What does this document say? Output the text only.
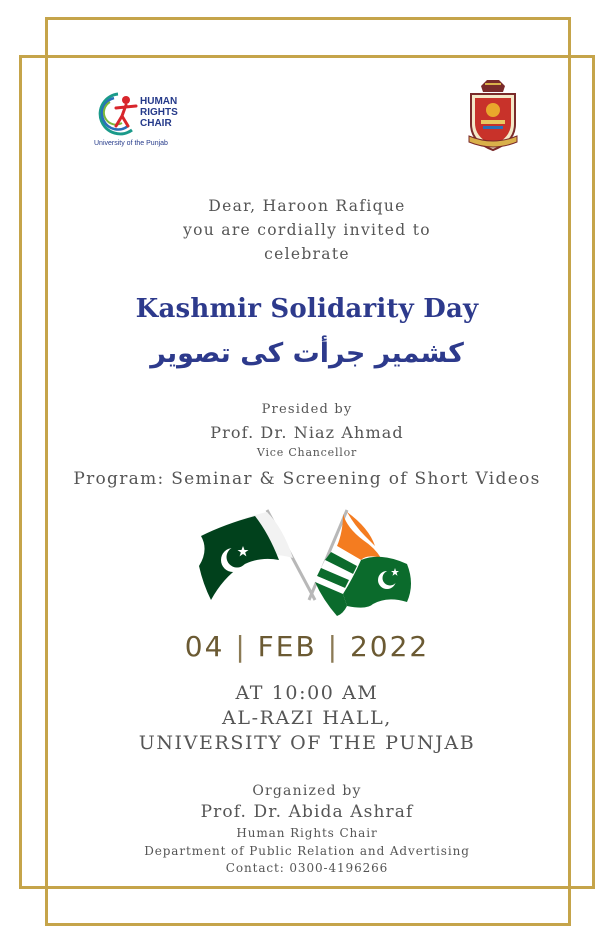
HUMAN
RIGHTS
CHAIR
University of the Punjab
Dear, Haroon Rafique
you are cordially invited to
celebrate
Kashmir Solidarity Day
کشمیر جرأت کی تصویر
Presided by
Prof. Dr. Niaz Ahmad
Vice Chancellor
Program: Seminar & Screening of Short Videos
04 | FEB | 2022
AT 10:00 AM
AL-RAZI HALL,
UNIVERSITY OF THE PUNJAB
Organized by
Prof. Dr. Abida Ashraf
Human Rights Chair
Department of Public Relation and Advertising
Contact: 0300-4196266
